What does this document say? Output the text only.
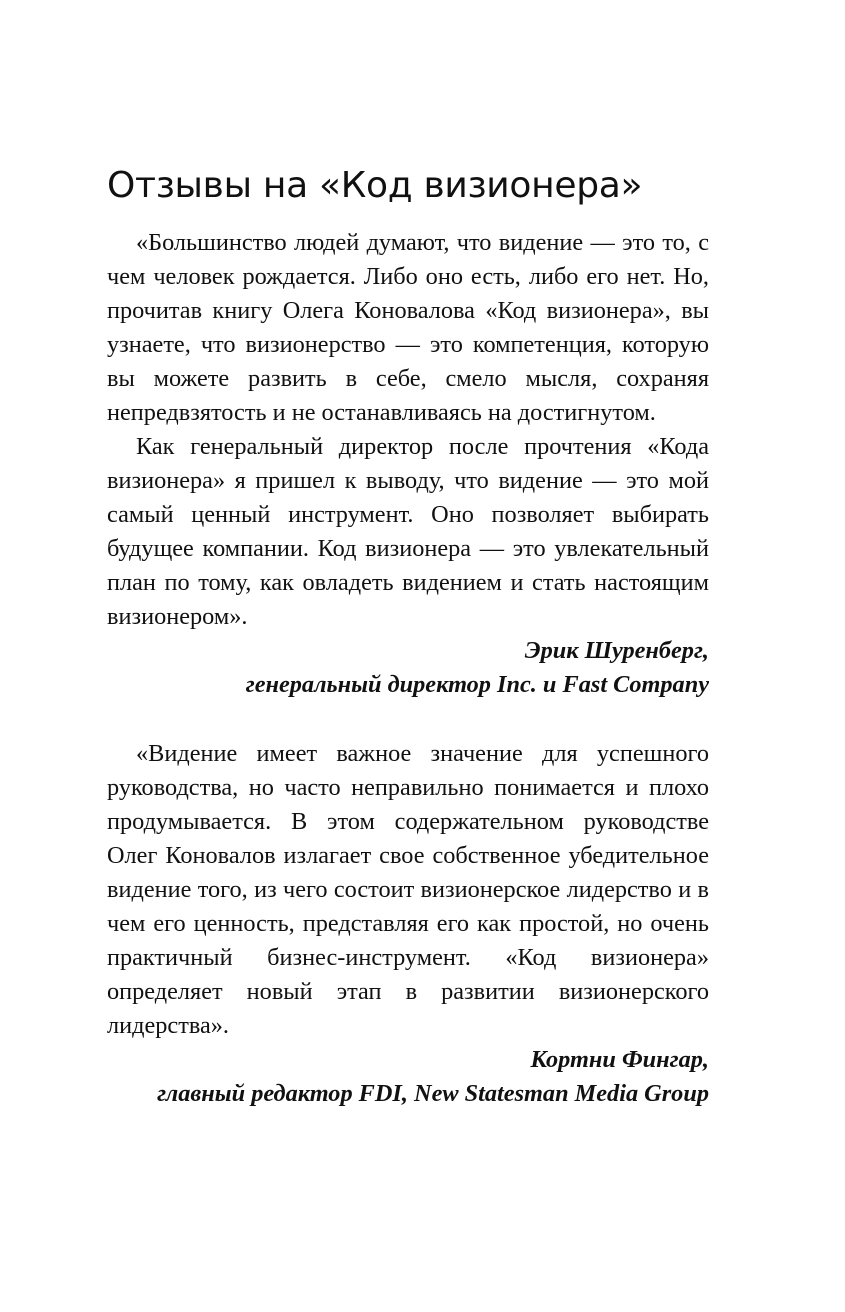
Отзывы на «Код визионера»

«Большинство людей думают, что видение — это то, с чем человек рождается. Либо оно есть, либо его нет. Но, прочитав книгу Олега Коновалова «Код визионера», вы узнаете, что визионерство — это компетенция, которую вы можете развить в себе, смело мысля, сохраняя непредвзятость и не останавливаясь на достигнутом.

Как генеральный директор после прочтения «Кода визионера» я пришел к выводу, что видение — это мой самый ценный инструмент. Оно позволяет выбирать будущее компании. Код визионера — это увлекательный план по тому, как овладеть видением и стать настоящим визионером».

Эрик Шуренберг,

генеральный директор Inc. и Fast Company

«Видение имеет важное значение для успешного руководства, но часто неправильно понимается и плохо продумывается. В этом содержательном руководстве Олег Коновалов излагает свое собственное убедительное видение того, из чего состоит визионерское лидерство и в чем его ценность, представляя его как простой, но очень практичный бизнес-инструмент. «Код визионера» определяет новый этап в развитии визионерского лидерства».

Кортни Фингар,

главный редактор FDI, New Statesman Media Group
